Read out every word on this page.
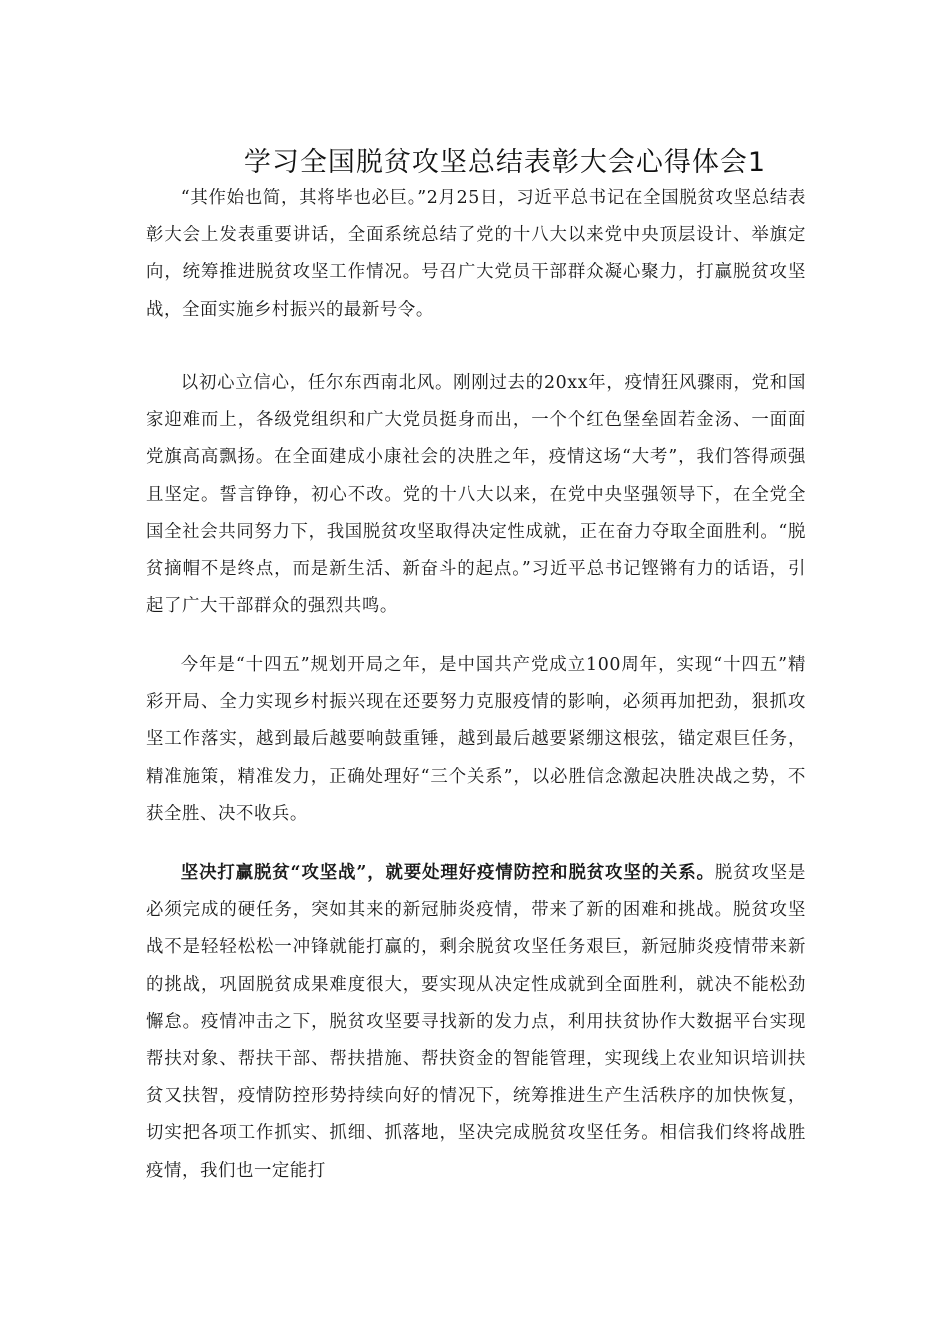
学习全国脱贫攻坚总结表彰大会心得体会1

“其作始也简，其将毕也必巨。”2月25日，习近平总书记在全国脱贫攻坚总结表彰大会上发表重要讲话，全面系统总结了党的十八大以来党中央顶层设计、举旗定向，统筹推进脱贫攻坚工作情况。号召广大党员干部群众凝心聚力，打赢脱贫攻坚战，全面实施乡村振兴的最新号令。

以初心立信心，任尔东西南北风。刚刚过去的20xx年，疫情狂风骤雨，党和国家迎难而上，各级党组织和广大党员挺身而出，一个个红色堡垒固若金汤、一面面党旗高高飘扬。在全面建成小康社会的决胜之年，疫情这场“大考”，我们答得顽强且坚定。誓言铮铮，初心不改。党的十八大以来，在党中央坚强领导下，在全党全国全社会共同努力下，我国脱贫攻坚取得决定性成就，正在奋力夺取全面胜利。“脱贫摘帽不是终点，而是新生活、新奋斗的起点。”习近平总书记铿锵有力的话语，引起了广大干部群众的强烈共鸣。

今年是“十四五”规划开局之年，是中国共产党成立100周年，实现“十四五”精彩开局、全力实现乡村振兴现在还要努力克服疫情的影响，必须再加把劲，狠抓攻坚工作落实，越到最后越要响鼓重锤，越到最后越要紧绷这根弦，锚定艰巨任务，精准施策，精准发力，正确处理好“三个关系”，以必胜信念激起决胜决战之势，不获全胜、决不收兵。

坚决打赢脱贫“攻坚战”，就要处理好疫情防控和脱贫攻坚的关系。脱贫攻坚是必须完成的硬任务，突如其来的新冠肺炎疫情，带来了新的困难和挑战。脱贫攻坚战不是轻轻松松一冲锋就能打赢的，剩余脱贫攻坚任务艰巨，新冠肺炎疫情带来新的挑战，巩固脱贫成果难度很大，要实现从决定性成就到全面胜利，就决不能松劲懈怠。疫情冲击之下，脱贫攻坚要寻找新的发力点，利用扶贫协作大数据平台实现帮扶对象、帮扶干部、帮扶措施、帮扶资金的智能管理，实现线上农业知识培训扶贫又扶智，疫情防控形势持续向好的情况下，统筹推进生产生活秩序的加快恢复，切实把各项工作抓实、抓细、抓落地，坚决完成脱贫攻坚任务。相信我们终将战胜疫情，我们也一定能打
